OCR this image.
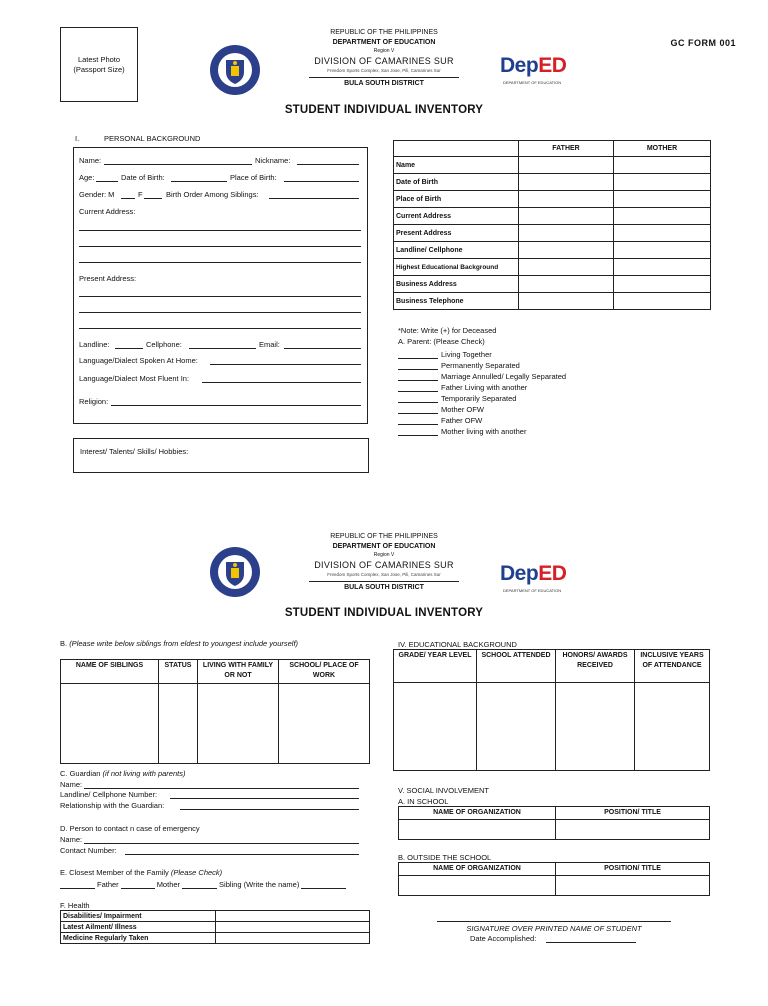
Latest Photo
(Passport Size)
GC FORM 001
REPUBLIC OF THE PHILIPPINES
DEPARTMENT OF EDUCATION
Region V
DIVISION OF CAMARINES SUR
Freedom Sports Complex, San Jose, Pili, Camarines Sur
BULA SOUTH DISTRICT
DepED
DEPARTMENT OF EDUCATION
STUDENT INDIVIDUAL INVENTORY
I.	PERSONAL BACKGROUND
Name:	Nickname:
Age:	Date of Birth:	Place of Birth:
Gender: M	F	Birth Order Among Siblings:
Current Address:
Present Address:
Landline:	Cellphone:	Email:
Language/Dialect Spoken At Home:
Language/Dialect Most Fluent In:
Religion:
Interest/ Talents/ Skills/ Hobbies:
	FATHER	MOTHER
Name		
Date of Birth		
Place of Birth		
Current Address		
Present Address		
Landline/ Cellphone		
Highest Educational Background		
Business Address		
Business Telephone		
*Note: Write (+) for Deceased
A. Parent: (Please Check)
Living Together
Permanently Separated
Marriage Annulled/ Legally Separated
Father Living with another
Temporarily Separated
Mother OFW
Father OFW
Mother living with another
REPUBLIC OF THE PHILIPPINES
DEPARTMENT OF EDUCATION
Region V
DIVISION OF CAMARINES SUR
Freedom Sports Complex, San Jose, Pili, Camarines Sur
BULA SOUTH DISTRICT
DepED
DEPARTMENT OF EDUCATION
STUDENT INDIVIDUAL INVENTORY
B. (Please write below siblings from eldest to youngest include yourself)
NAME OF SIBLINGS	STATUS	LIVING WITH FAMILY OR NOT	SCHOOL/ PLACE OF WORK

C. Guardian (if not living with parents)
Name:
Landline/ Cellphone Number:
Relationship with the Guardian:
D. Person to contact n case of emergency
Name:
Contact Number:
E. Closest Member of the Family (Please Check)
Father	Mother	Sibling (Write the name)
F. Health
Disabilities/ Impairment	
Latest Ailment/ Illness	
Medicine Regularly Taken	
IV. EDUCATIONAL BACKGROUND
GRADE/ YEAR LEVEL	SCHOOL ATTENDED	HONORS/ AWARDS RECEIVED	INCLUSIVE YEARS OF ATTENDANCE

V. SOCIAL INVOLVEMENT
A. IN SCHOOL
NAME OF ORGANIZATION	POSITION/ TITLE

B. OUTSIDE THE SCHOOL
NAME OF ORGANIZATION	POSITION/ TITLE

SIGNATURE OVER PRINTED NAME OF STUDENT
Date Accomplished:
